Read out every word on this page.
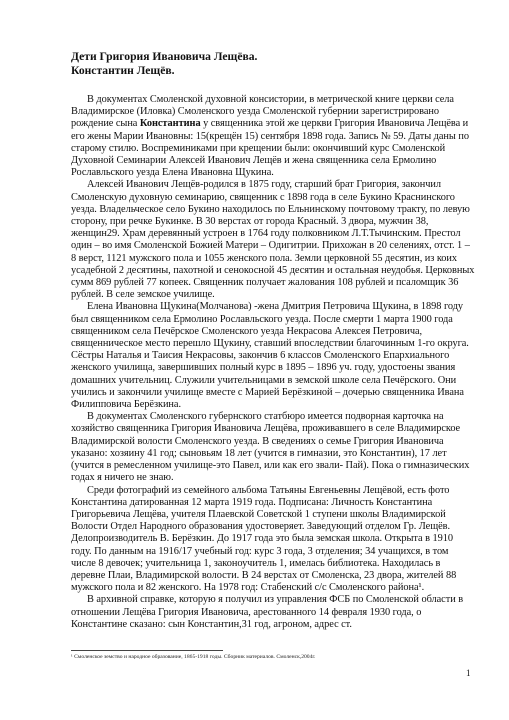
Дети Григория Ивановича Лещёва.
Константин Лещёв.

В документах Смоленской духовной консистории, в метрической книге церкви села Владимирское (Иловка) Смоленского уезда Смоленской губернии зарегистрировано рождение сына Константина у священника этой же церкви Григория Ивановича Лещёва и его жены Марии Ивановны: 15(крещён 15) сентября 1898 года. Запись № 59. Даты даны по старому стилю. Воспреминиками при крещении были: окончивший курс Смоленской Духовной Семинарии Алексей Иванович Лещёв и жена священника села Ермолино Рославльского уезда Елена Ивановна Щукина.

Алексей Иванович Лещёв-родился в 1875 году, старший брат Григория, закончил Смоленскую духовную семинарию, священник с 1898 года в селе Букино Краснинского уезда. Владельческое село Букино находилось по Ельнинскому почтовому тракту, по левую сторону, при речке Букинке. В 30 верстах от города Красный. 3 двора, мужчин 38, женщин29. Храм деревянный устроен в 1764 году полковником Л.Т.Тычинским. Престол один – во имя Смоленской Божией Матери – Одигитрии. Прихожан в 20 селениях, отст. 1 – 8 верст, 1121 мужского пола и 1055 женского пола. Земли церковной 55 десятин, из коих усадебной 2 десятины, пахотной и сенокосной 45 десятин и остальная неудобья. Церковных сумм 869 рублей 77 копеек. Священник получает жалования 108 рублей и псаломщик 36 рублей. В селе земское училище.

Елена Ивановна Щукина(Молчанова) -жена Дмитрия Петровича Щукина, в 1898 году был священником села Ермолино Рославльского уезда. После смерти 1 марта 1900 года священником села Печёрское Смоленского уезда Некрасова Алексея Петровича, священническое место перешло Щукину, ставший впоследствии благочинным 1-го округа.

Сёстры Наталья и Таисия Некрасовы, закончив 6 классов Смоленского Епархиального женского училища, завершивших полный курс в 1895 – 1896 уч. году, удостоены звания домашних учительниц. Служили учительницами в земской школе села Печёрского. Они учились и закончили училище вместе с Марией Берёзкиной – дочерью священника Ивана Филипповича Берёзкина.

В документах Смоленского губернского статбюро имеется подворная карточка на хозяйство священника Григория Ивановича Лещёва, проживавшего в селе Владимирское Владимирской волости Смоленского уезда. В сведениях о семье Григория Ивановича указано: хозяину 41 год; сыновьям 18 лет (учится в гимназии, это Константин), 17 лет (учится в ремесленном училище-это Павел, или как его звали- Пай). Пока о гимназических годах я ничего не знаю.

Среди фотографий из семейного альбома Татьяны Евгеньевны Лещёвой, есть фото Константина датированная 12 марта 1919 года. Подписана: Личность Константина Григорьевича Лещёва, учителя Плаевской Советской 1 ступени школы Владимирской Волости Отдел Народного образования удостоверяет. Заведующий отделом Гр. Лещёв. Делопроизводитель В. Берёзкин. До 1917 года это была земская школа. Открыта в 1910 году. По данным на 1916/17 учебный год: курс 3 года, 3 отделения; 34 учащихся, в том числе 8 девочек; учительница 1, законоучитель 1, имелась библиотека. Находилась в деревне Плаи, Владимирской волости. В 24 верстах от Смоленска, 23 двора, жителей 88 мужского пола и 82 женского. На 1978 год: Стабенский с/с Смоленского района¹.

В архивной справке, которую я получил из управления ФСБ по Смоленской области в отношении Лещёва Григория Ивановича, арестованного 14 февраля 1930 года, о Константине сказано: сын Константин,31 год, агроном, адрес ст.

¹ Смоленское земство и народное образование, 1865-1918 годы. Сборник материалов. Смоленск,2004г.
1
